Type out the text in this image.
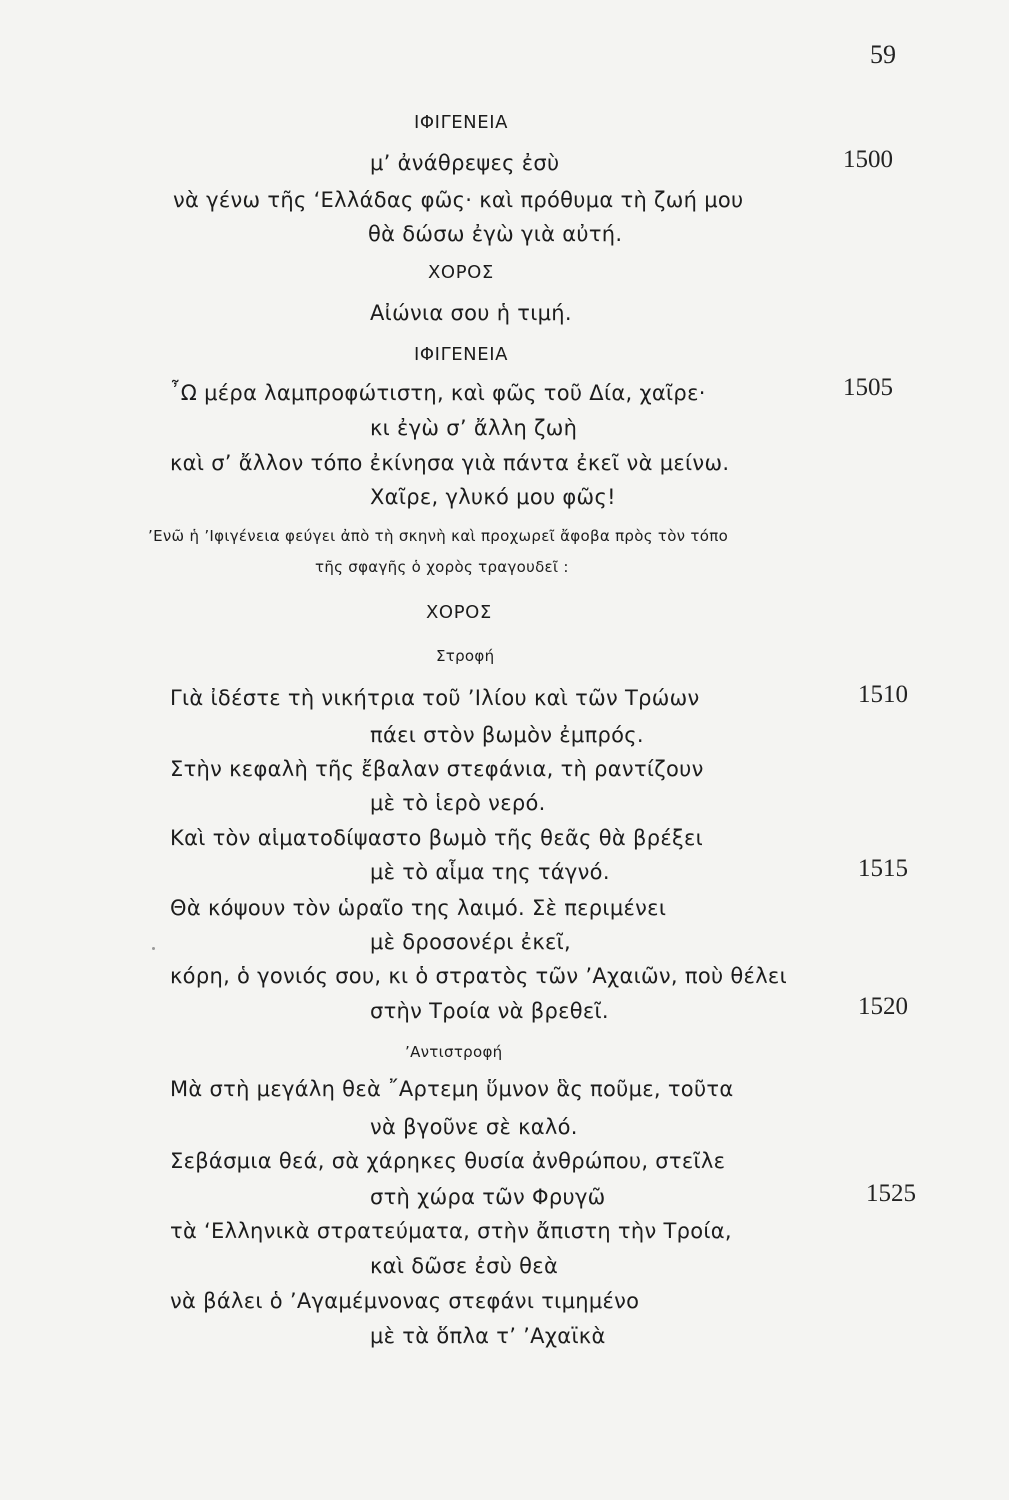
59
ΙΦΙΓΕΝΕΙΑ
μ’ ἀνάθρεψες ἐσὺ	1500
νὰ γένω τῆς ‘Ελλάδας φῶς· καὶ πρόθυμα τὴ ζωή μου
θὰ δώσω ἐγὼ γιὰ αὐτή.
ΧΟΡΟΣ
Αἰώνια σου ἡ τιμή.
ΙΦΙΓΕΝΕΙΑ
῏Ω μέρα λαμπροφώτιστη, καὶ φῶς τοῦ Δία, χαῖρε·	1505
κι ἐγὼ σ’ ἄλλη ζωὴ
καὶ σ’ ἄλλον τόπο ἐκίνησα γιὰ πάντα ἐκεῖ νὰ μείνω.
Χαῖρε, γλυκό μου φῶς!
’Ενῶ ἡ ’Ιφιγένεια φεύγει ἀπὸ τὴ σκηνὴ καὶ προχωρεῖ ἄφοβα πρὸς τὸν τόπο
τῆς σφαγῆς ὁ χορὸς τραγουδεῖ :
ΧΟΡΟΣ
Στροφή
Γιὰ ἰδέστε τὴ νικήτρια τοῦ ’Ιλίου καὶ τῶν Τρώων	1510
πάει στὸν βωμὸν ἐμπρός.
Στὴν κεφαλὴ τῆς ἔβαλαν στεφάνια, τὴ ραντίζουν
μὲ τὸ ἱερὸ νερό.
Καὶ τὸν αἱματοδίψαστο βωμὸ τῆς θεᾶς θὰ βρέξει
μὲ τὸ αἷμα της τάγνό.	1515
Θὰ κόψουν τὸν ὡραῖο της λαιμό. Σὲ περιμένει
μὲ δροσονέρι ἐκεῖ,
κόρη, ὁ γονιός σου, κι ὁ στρατὸς τῶν ’Αχαιῶν, ποὺ θέλει
στὴν Τροία νὰ βρεθεῖ.	1520
’Αντιστροφή
Μὰ στὴ μεγάλη θεὰ ῎Αρτεμη ὕμνον ἃς ποῦμε, τοῦτα
νὰ βγοῦνε σὲ καλό.
Σεβάσμια θεά, σὰ χάρηκες θυσία ἀνθρώπου, στεῖλε
στὴ χώρα τῶν Φρυγῶ	1525
τὰ ‘Ελληνικὰ στρατεύματα, στὴν ἄπιστη τὴν Τροία,
καὶ δῶσε ἐσὺ θεὰ
νὰ βάλει ὁ ’Αγαμέμνονας στεφάνι τιμημένο
μὲ τὰ ὅπλα τ’ ’Αχαϊκὰ
